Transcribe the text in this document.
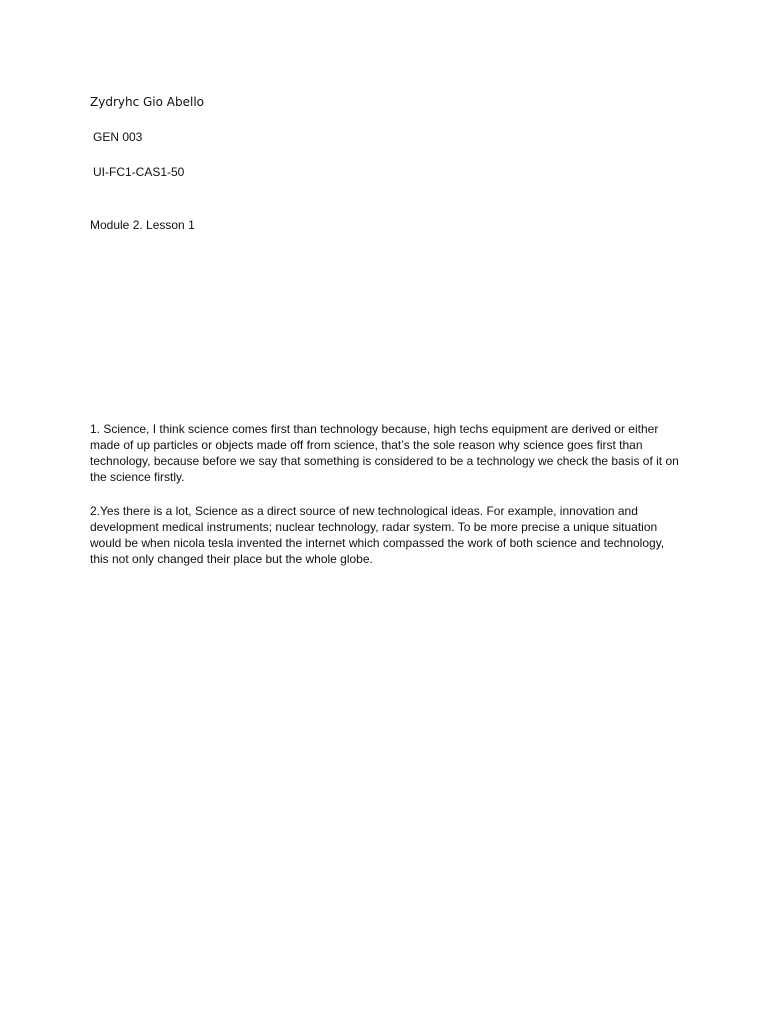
Zydryhc Gio Abello
GEN 003
UI-FC1-CAS1-50
Module 2. Lesson 1
1. Science, I think science comes first than technology because, high techs equipment are derived or either
made of up particles or objects made off from science, that’s the sole reason why science goes first than
technology, because before we say that something is considered to be a technology we check the basis of it on
the science firstly.
2.Yes there is a lot, Science as a direct source of new technological ideas. For example, innovation and
development medical instruments; nuclear technology, radar system. To be more precise a unique situation
would be when nicola tesla invented the internet which compassed the work of both science and technology,
this not only changed their place but the whole globe.
